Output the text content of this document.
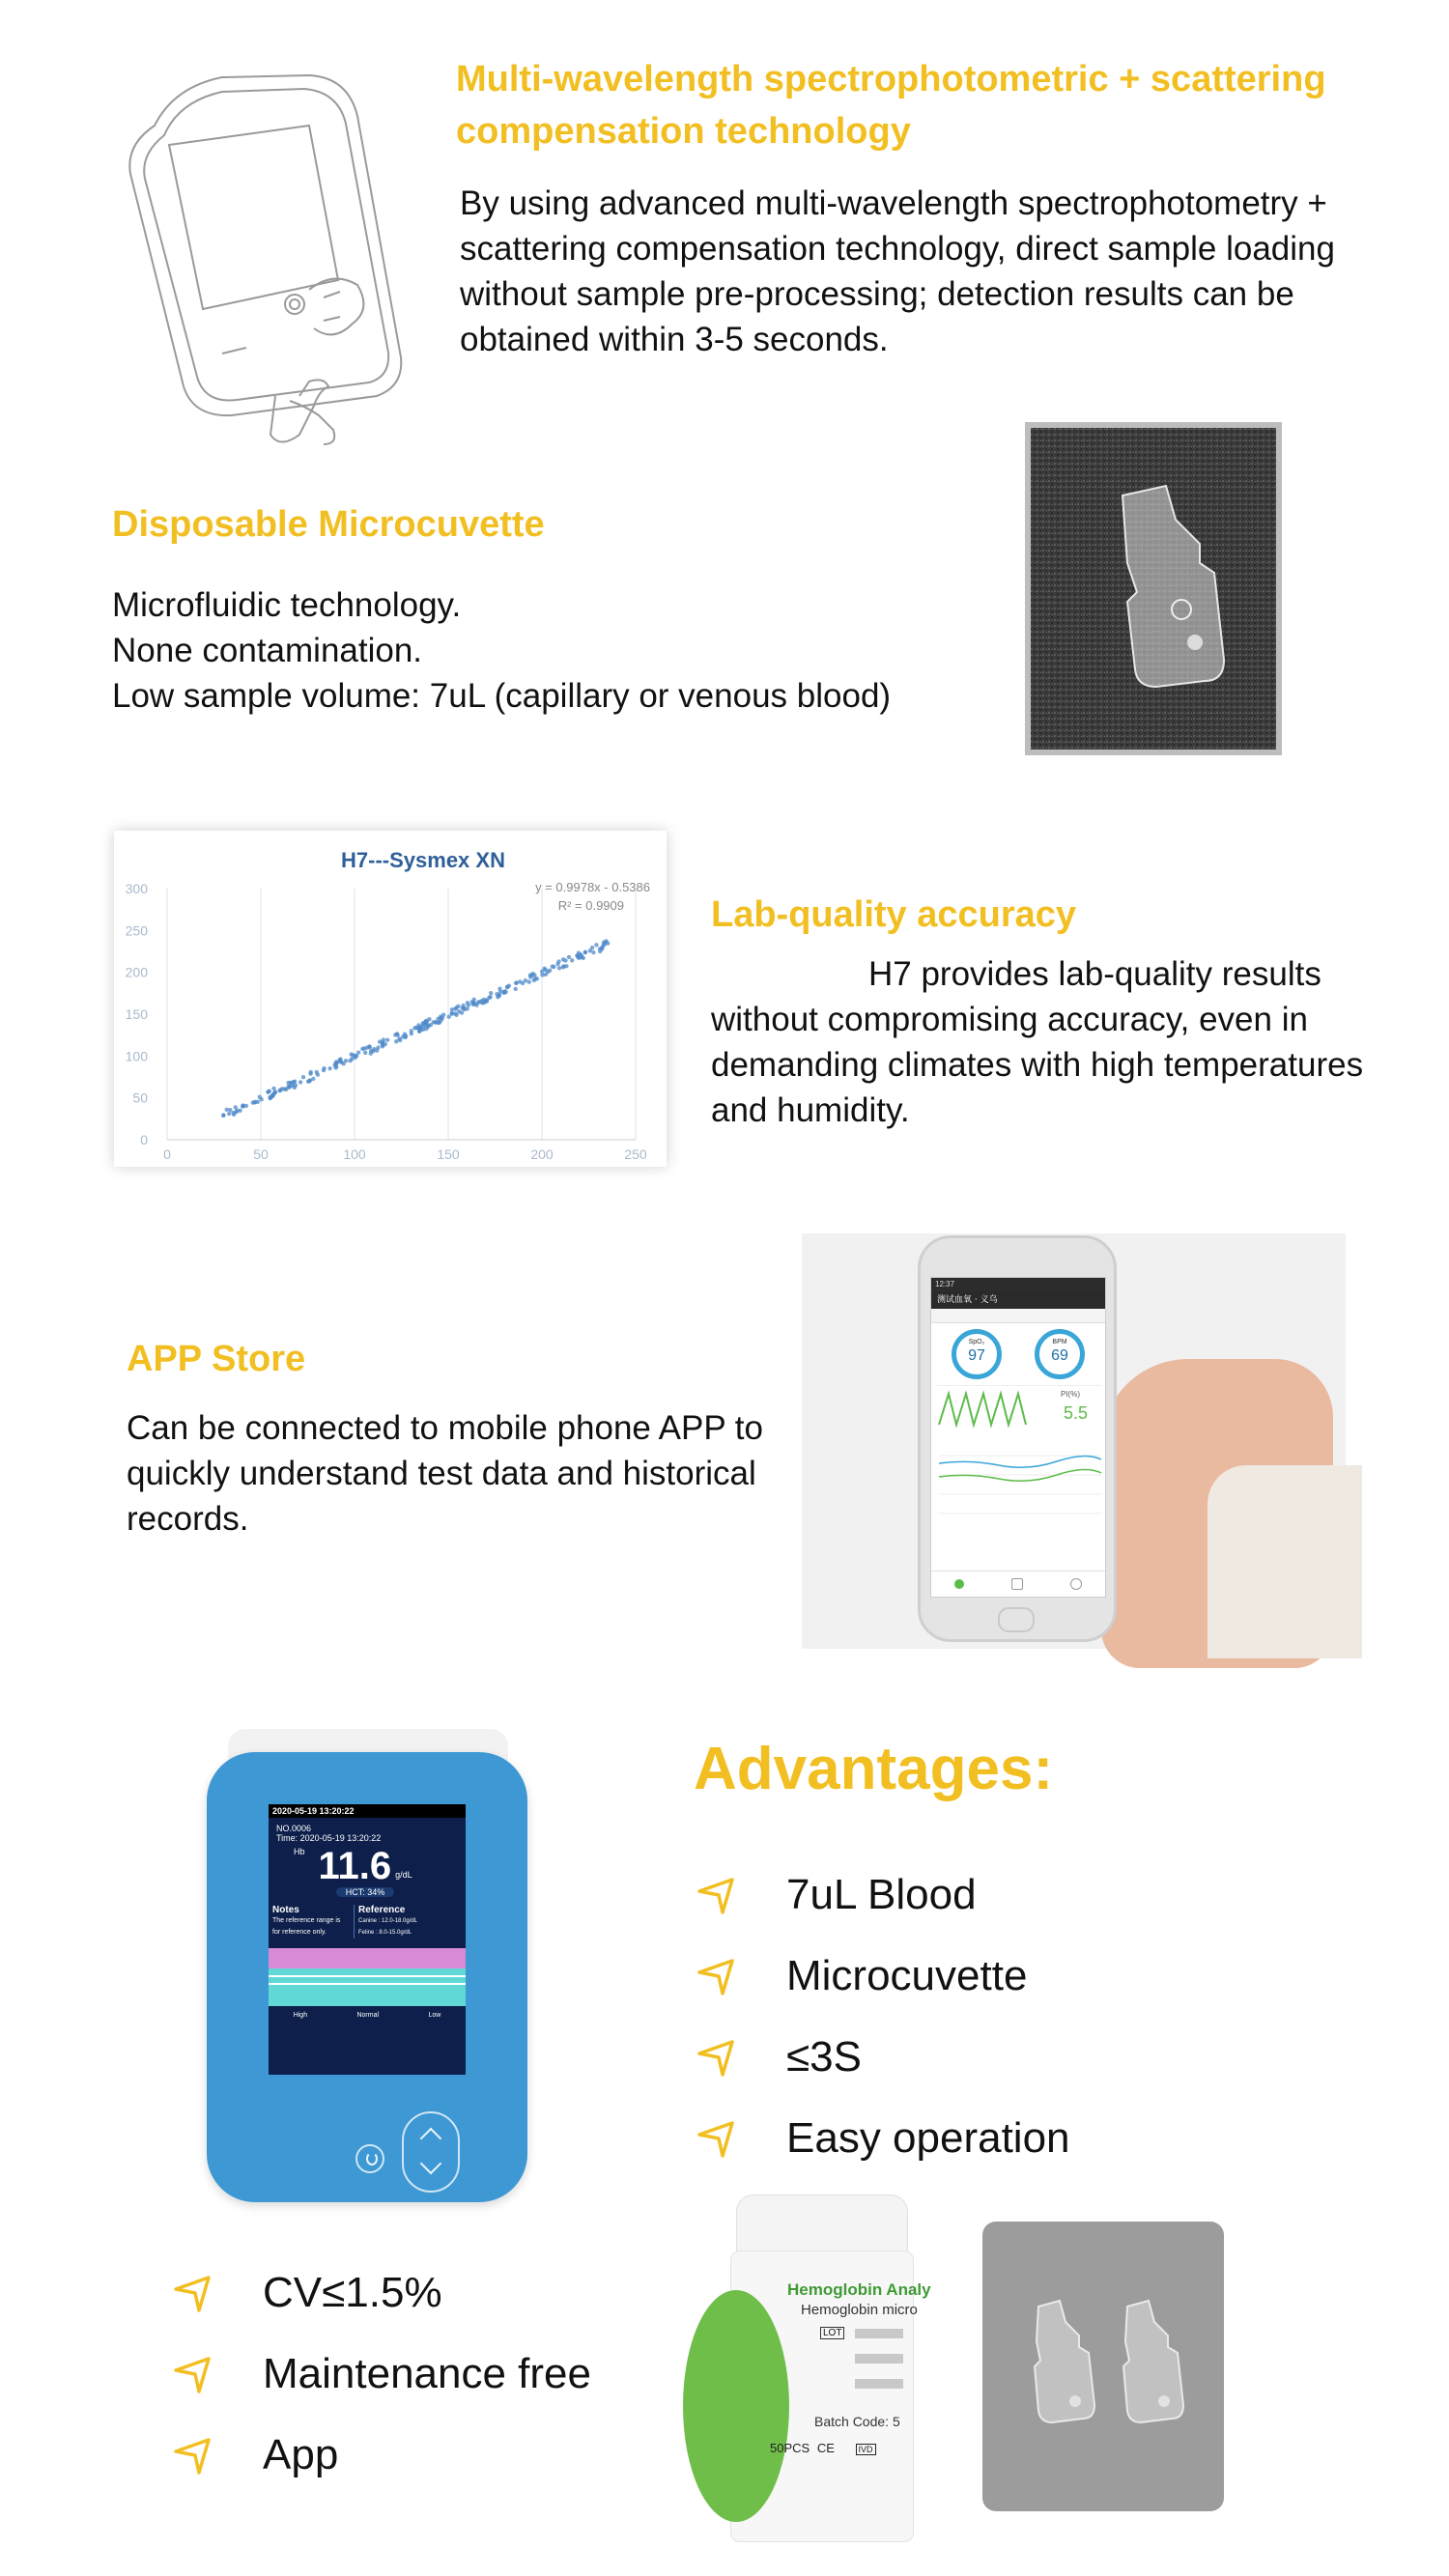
Multi-wavelength spectrophotometric + scattering compensation technology

By using advanced multi-wavelength spectrophotometry + scattering compensation technology, direct sample loading without sample pre-processing; detection results can be obtained within 3-5 seconds.

Disposable Microcuvette

Microfluidic technology.
None contamination.
Low sample volume: 7uL (capillary or venous blood)

H7---Sysmex XN
y = 0.9978x - 0.5386
R² = 0.9909
0	50	100	150	200	250
0
50
100
150
200
250
300
Lab-quality accuracy

H7 provides lab-quality results without compromising accuracy, even in demanding climates with high temperatures and humidity.

APP Store

Can be connected to mobile phone APP to quickly understand test data and historical records.

12:37
测试血氧 · 义乌
SpO₂
97
BPM
69
PI(%)
5.5
2020-05-19 13:20:22
NO.0006
Time: 2020-05-19 13:20:22
Hb 11.6 g/dL
HCT: 34%
Notes
The reference range is for reference only.
Reference
Canine : 12.0-18.0g/dL
Feline : 8.0-15.0g/dL
High	Normal	Low
Advantages:
7uL Blood
Microcuvette
≤3S
Easy operation
CV≤1.5%
Maintenance free
App
Hemoglobin Analy
Hemoglobin micro
LOT
Batch Code: 5
50PCS CE	IVD
